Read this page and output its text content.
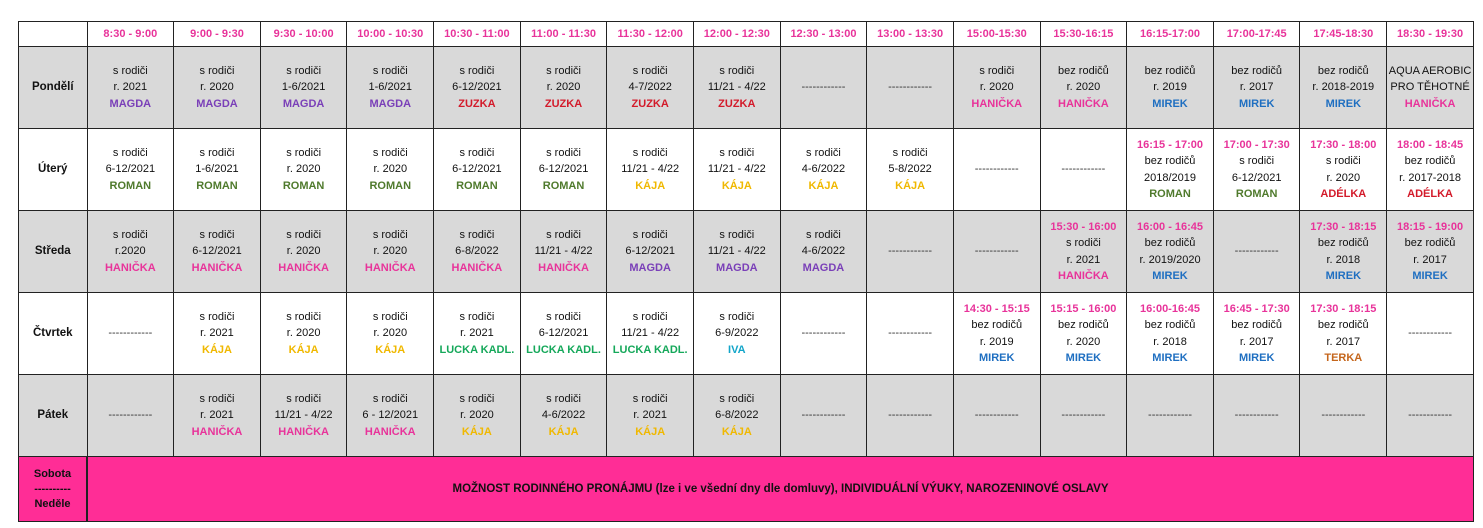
	8:30 - 9:00	9:00 - 9:30	9:30 - 10:00	10:00 - 10:30	10:30 - 11:00	11:00 - 11:30	11:30 - 12:00	12:00 - 12:30	12:30 - 13:00	13:00 - 13:30	15:00-15:30	15:30-16:15	16:15-17:00	17:00-17:45	17:45-18:30	18:30 - 19:30
Pondělí	s rodiči
r. 2021
MAGDA	s rodiči
r. 2020
MAGDA	s rodiči
1-6/2021
MAGDA	s rodiči
1-6/2021
MAGDA	s rodiči
6-12/2021
ZUZKA	s rodiči
r. 2020
ZUZKA	s rodiči
4-7/2022
ZUZKA	s rodiči
11/21 - 4/22
ZUZKA	------------	------------	s rodiči
r. 2020
HANIČKA	bez rodičů
r. 2020
HANIČKA	bez rodičů
r. 2019
MIREK	bez rodičů
r. 2017
MIREK	bez rodičů
r. 2018-2019
MIREK	AQUA AEROBIC
PRO TĚHOTNÉ
HANIČKA

Úterý	s rodiči
6-12/2021
ROMAN	s rodiči
1-6/2021
ROMAN	s rodiči
r. 2020
ROMAN	s rodiči
r. 2020
ROMAN	s rodiči
6-12/2021
ROMAN	s rodiči
6-12/2021
ROMAN	s rodiči
11/21 - 4/22
KÁJA	s rodiči
11/21 - 4/22
KÁJA	s rodiči
4-6/2022
KÁJA	s rodiči
5-8/2022
KÁJA	------------	------------	16:15 - 17:00
bez rodičů
2018/2019
ROMAN	17:00 - 17:30
s rodiči
6-12/2021
ROMAN	17:30 - 18:00
s rodiči
r. 2020
ADÉLKA	18:00 - 18:45
bez rodičů
r. 2017-2018
ADÉLKA

Středa	s rodiči
r.2020
HANIČKA	s rodiči
6-12/2021
HANIČKA	s rodiči
r. 2020
HANIČKA	s rodiči
r. 2020
HANIČKA	s rodiči
6-8/2022
HANIČKA	s rodiči
11/21 - 4/22
HANIČKA	s rodiči
6-12/2021
MAGDA	s rodiči
11/21 - 4/22
MAGDA	s rodiči
4-6/2022
MAGDA	------------	------------	15:30 - 16:00
s rodiči
r. 2021
HANIČKA	16:00 - 16:45
bez rodičů
r. 2019/2020
MIREK	------------	17:30 - 18:15
bez rodičů
r. 2018
MIREK	18:15 - 19:00
bez rodičů
r. 2017
MIREK

Čtvrtek	------------	s rodiči
r. 2021
KÁJA	s rodiči
r. 2020
KÁJA	s rodiči
r. 2020
KÁJA	s rodiči
r. 2021
LUCKA KADL.	s rodiči
6-12/2021
LUCKA KADL.	s rodiči
11/21 - 4/22
LUCKA KADL.	s rodiči
6-9/2022
IVA	------------	------------	14:30 - 15:15
bez rodičů
r. 2019
MIREK	15:15 - 16:00
bez rodičů
r. 2020
MIREK	16:00-16:45
bez rodičů
r. 2018
MIREK	16:45 - 17:30
bez rodičů
r. 2017
MIREK	17:30 - 18:15
bez rodičů
r. 2017
TERKA	------------

Pátek	------------	s rodiči
r. 2021
HANIČKA	s rodiči
11/21 - 4/22
HANIČKA	s rodiči
6 - 12/2021
HANIČKA	s rodiči
r. 2020
KÁJA	s rodiči
4-6/2022
KÁJA	s rodiči
r. 2021
KÁJA	s rodiči
6-8/2022
KÁJA	------------	------------	------------	------------	------------	------------	------------	------------

Sobota
----------
Neděle	MOŽNOST RODINNÉHO PRONÁJMU (lze i ve všední dny dle domluvy), INDIVIDUÁLNÍ VÝUKY, NAROZENINOVÉ OSLAVY															
